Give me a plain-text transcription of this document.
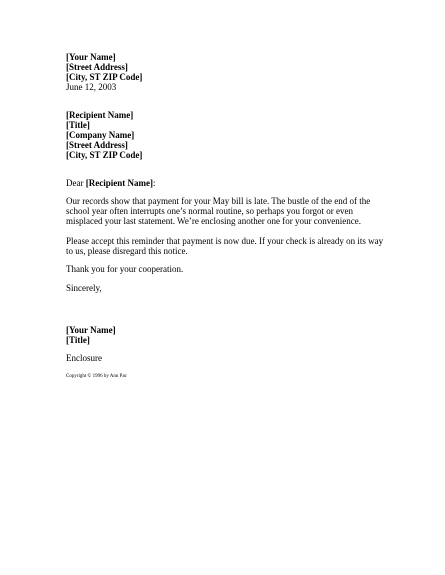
[Your Name]
[Street Address]
[City, ST ZIP Code]
June 12, 2003
[Recipient Name]
[Title]
[Company Name]
[Street Address]
[City, ST ZIP Code]
Dear [Recipient Name]:

Our records show that payment for your May bill is late. The bustle of the end of the

school year often interrupts one’s normal routine, so perhaps you forgot or even

misplaced your last statement. We’re enclosing another one for your convenience.

Please accept this reminder that payment is now due. If your check is already on its way

to us, please disregard this notice.

Thank you for your cooperation.

Sincerely,
[Your Name]
[Title]
Enclosure
Copyright © 1996 by Ann Pac
